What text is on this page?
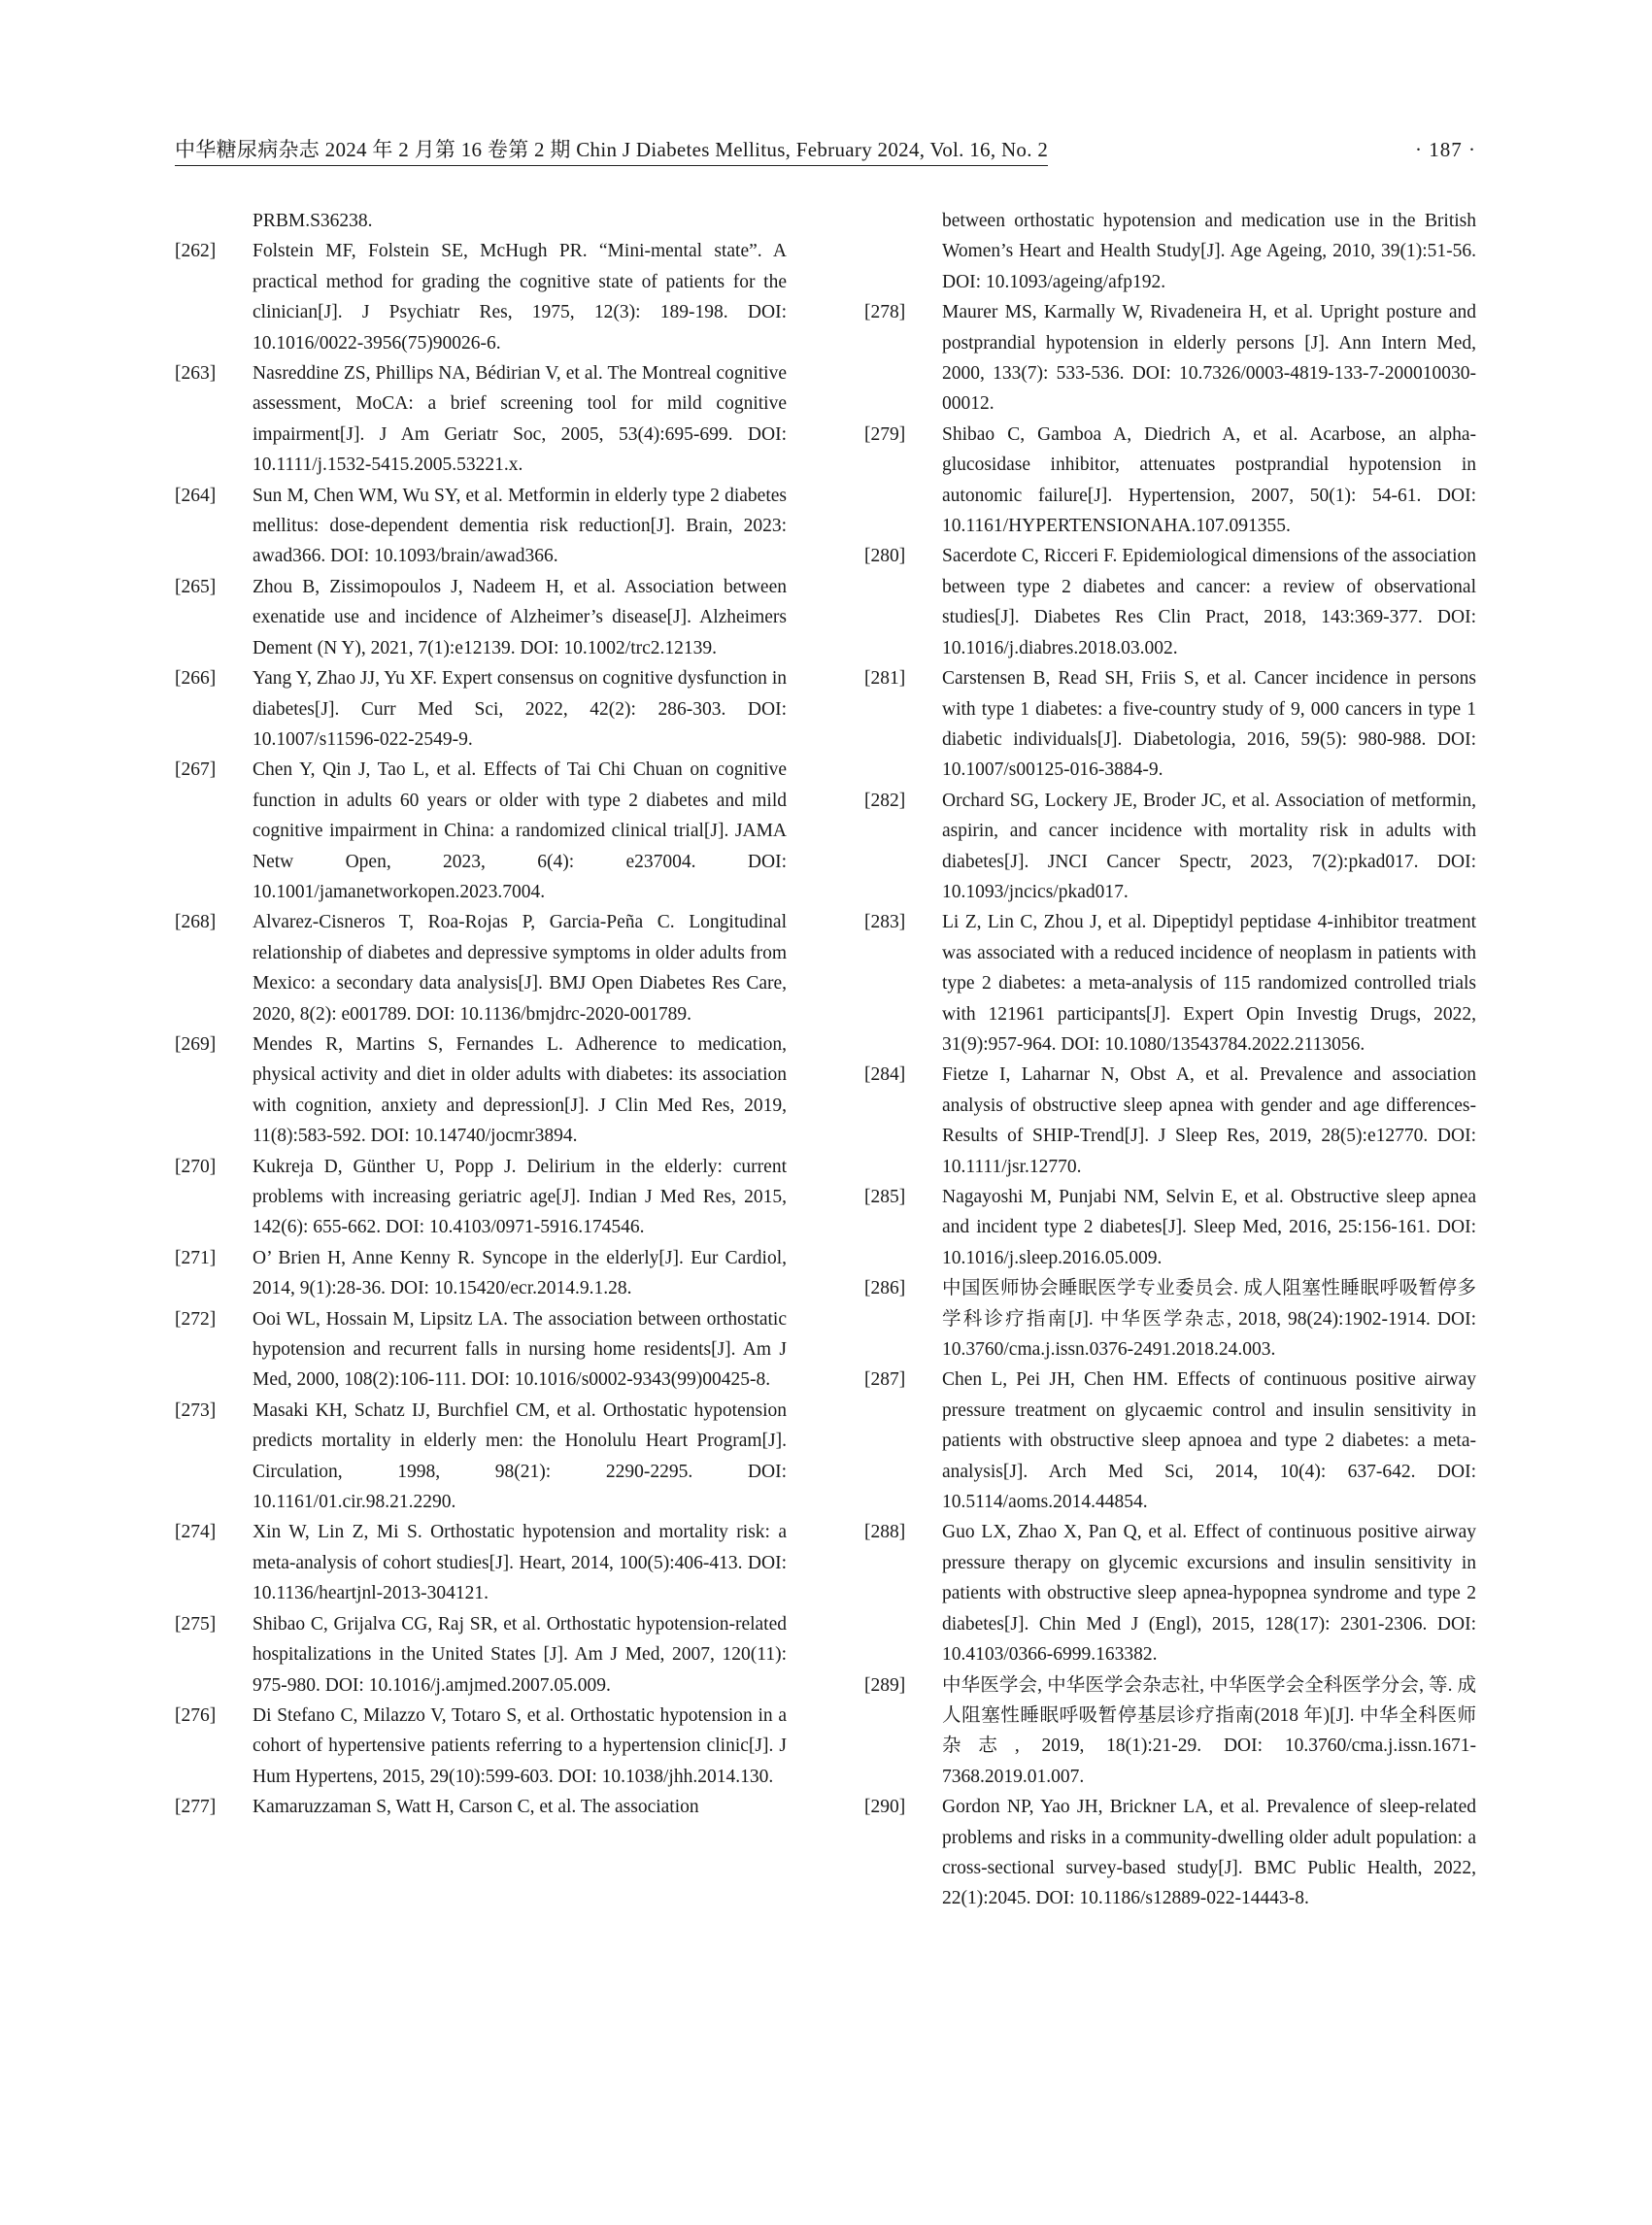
中华糖尿病杂志 2024 年 2 月第 16 卷第 2 期 Chin J Diabetes Mellitus, February 2024, Vol. 16, No. 2	· 187 ·
PRBM.S36238.
[262]	Folstein MF, Folstein SE, McHugh PR. “Mini-mental state”. A practical method for grading the cognitive state of patients for the clinician[J]. J Psychiatr Res, 1975, 12(3): 189-198. DOI: 10.1016/0022-3956(75)90026-6.
[263]	Nasreddine ZS, Phillips NA, Bédirian V, et al. The Montreal cognitive assessment, MoCA: a brief screening tool for mild cognitive impairment[J]. J Am Geriatr Soc, 2005, 53(4):695-699. DOI: 10.1111/j.1532-5415.2005.53221.x.
[264]	Sun M, Chen WM, Wu SY, et al. Metformin in elderly type 2 diabetes mellitus: dose-dependent dementia risk reduction[J]. Brain, 2023: awad366. DOI: 10.1093/brain/awad366.
[265]	Zhou B, Zissimopoulos J, Nadeem H, et al. Association between exenatide use and incidence of Alzheimer’s disease[J]. Alzheimers Dement (N Y), 2021, 7(1):e12139. DOI: 10.1002/trc2.12139.
[266]	Yang Y, Zhao JJ, Yu XF. Expert consensus on cognitive dysfunction in diabetes[J]. Curr Med Sci, 2022, 42(2): 286-303. DOI: 10.1007/s11596-022-2549-9.
[267]	Chen Y, Qin J, Tao L, et al. Effects of Tai Chi Chuan on cognitive function in adults 60 years or older with type 2 diabetes and mild cognitive impairment in China: a randomized clinical trial[J]. JAMA Netw Open, 2023, 6(4): e237004. DOI: 10.1001/jamanetworkopen.2023.7004.
[268]	Alvarez-Cisneros T, Roa-Rojas P, Garcia-Peña C. Longitudinal relationship of diabetes and depressive symptoms in older adults from Mexico: a secondary data analysis[J]. BMJ Open Diabetes Res Care, 2020, 8(2): e001789. DOI: 10.1136/bmjdrc-2020-001789.
[269]	Mendes R, Martins S, Fernandes L. Adherence to medication, physical activity and diet in older adults with diabetes: its association with cognition, anxiety and depression[J]. J Clin Med Res, 2019, 11(8):583-592. DOI: 10.14740/jocmr3894.
[270]	Kukreja D, Günther U, Popp J. Delirium in the elderly: current problems with increasing geriatric age[J]. Indian J Med Res, 2015, 142(6): 655-662. DOI: 10.4103/0971-5916.174546.
[271]	O’ Brien H, Anne Kenny R. Syncope in the elderly[J]. Eur Cardiol, 2014, 9(1):28-36. DOI: 10.15420/ecr.2014.9.1.28.
[272]	Ooi WL, Hossain M, Lipsitz LA. The association between orthostatic hypotension and recurrent falls in nursing home residents[J]. Am J Med, 2000, 108(2):106-111. DOI: 10.1016/s0002-9343(99)00425-8.
[273]	Masaki KH, Schatz IJ, Burchfiel CM, et al. Orthostatic hypotension predicts mortality in elderly men: the Honolulu Heart Program[J]. Circulation, 1998, 98(21): 2290-2295. DOI: 10.1161/01.cir.98.21.2290.
[274]	Xin W, Lin Z, Mi S. Orthostatic hypotension and mortality risk: a meta-analysis of cohort studies[J]. Heart, 2014, 100(5):406-413. DOI: 10.1136/heartjnl-2013-304121.
[275]	Shibao C, Grijalva CG, Raj SR, et al. Orthostatic hypotension-related hospitalizations in the United States [J]. Am J Med, 2007, 120(11): 975-980. DOI: 10.1016/j.amjmed.2007.05.009.
[276]	Di Stefano C, Milazzo V, Totaro S, et al. Orthostatic hypotension in a cohort of hypertensive patients referring to a hypertension clinic[J]. J Hum Hypertens, 2015, 29(10):599-603. DOI: 10.1038/jhh.2014.130.
[277]	Kamaruzzaman S, Watt H, Carson C, et al. The association
between orthostatic hypotension and medication use in the British Women’s Heart and Health Study[J]. Age Ageing, 2010, 39(1):51-56. DOI: 10.1093/ageing/afp192.
[278]	Maurer MS, Karmally W, Rivadeneira H, et al. Upright posture and postprandial hypotension in elderly persons [J]. Ann Intern Med, 2000, 133(7): 533-536. DOI: 10.7326/0003-4819-133-7-200010030-00012.
[279]	Shibao C, Gamboa A, Diedrich A, et al. Acarbose, an alpha-glucosidase inhibitor, attenuates postprandial hypotension in autonomic failure[J]. Hypertension, 2007, 50(1): 54-61. DOI: 10.1161/HYPERTENSIONAHA.107.091355.
[280]	Sacerdote C, Ricceri F. Epidemiological dimensions of the association between type 2 diabetes and cancer: a review of observational studies[J]. Diabetes Res Clin Pract, 2018, 143:369-377. DOI: 10.1016/j.diabres.2018.03.002.
[281]	Carstensen B, Read SH, Friis S, et al. Cancer incidence in persons with type 1 diabetes: a five-country study of 9, 000 cancers in type 1 diabetic individuals[J]. Diabetologia, 2016, 59(5): 980-988. DOI: 10.1007/s00125-016-3884-9.
[282]	Orchard SG, Lockery JE, Broder JC, et al. Association of metformin, aspirin, and cancer incidence with mortality risk in adults with diabetes[J]. JNCI Cancer Spectr, 2023, 7(2):pkad017. DOI: 10.1093/jncics/pkad017.
[283]	Li Z, Lin C, Zhou J, et al. Dipeptidyl peptidase 4-inhibitor treatment was associated with a reduced incidence of neoplasm in patients with type 2 diabetes: a meta-analysis of 115 randomized controlled trials with 121961 participants[J]. Expert Opin Investig Drugs, 2022, 31(9):957-964. DOI: 10.1080/13543784.2022.2113056.
[284]	Fietze I, Laharnar N, Obst A, et al. Prevalence and association analysis of obstructive sleep apnea with gender and age differences-Results of SHIP-Trend[J]. J Sleep Res, 2019, 28(5):e12770. DOI: 10.1111/jsr.12770.
[285]	Nagayoshi M, Punjabi NM, Selvin E, et al. Obstructive sleep apnea and incident type 2 diabetes[J]. Sleep Med, 2016, 25:156-161. DOI: 10.1016/j.sleep.2016.05.009.
[286]	中国医师协会睡眠医学专业委员会. 成人阻塞性睡眠呼吸暂停多学科诊疗指南[J]. 中华医学杂志, 2018, 98(24):1902-1914. DOI: 10.3760/cma.j.issn.0376-2491.2018.24.003.
[287]	Chen L, Pei JH, Chen HM. Effects of continuous positive airway pressure treatment on glycaemic control and insulin sensitivity in patients with obstructive sleep apnoea and type 2 diabetes: a meta-analysis[J]. Arch Med Sci, 2014, 10(4): 637-642. DOI: 10.5114/aoms.2014.44854.
[288]	Guo LX, Zhao X, Pan Q, et al. Effect of continuous positive airway pressure therapy on glycemic excursions and insulin sensitivity in patients with obstructive sleep apnea-hypopnea syndrome and type 2 diabetes[J]. Chin Med J (Engl), 2015, 128(17): 2301-2306. DOI: 10.4103/0366-6999.163382.
[289]	中华医学会, 中华医学会杂志社, 中华医学会全科医学分会, 等. 成人阻塞性睡眠呼吸暂停基层诊疗指南(2018 年)[J]. 中华全科医师杂志, 2019, 18(1):21-29. DOI: 10.3760/cma.j.issn.1671-7368.2019.01.007.
[290]	Gordon NP, Yao JH, Brickner LA, et al. Prevalence of sleep-related problems and risks in a community-dwelling older adult population: a cross-sectional survey-based study[J]. BMC Public Health, 2022, 22(1):2045. DOI: 10.1186/s12889-022-14443-8.
